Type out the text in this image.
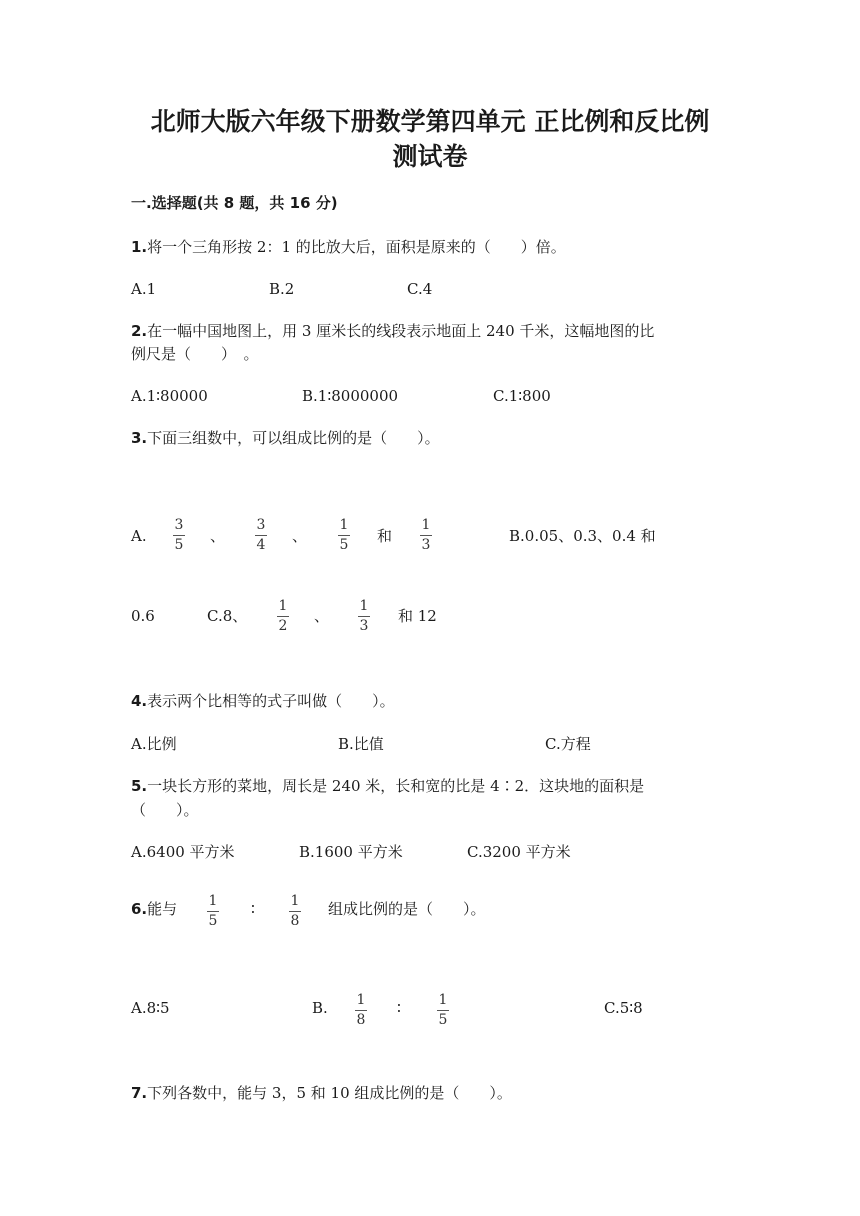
北师大版六年级下册数学第四单元 正比例和反比例
测试卷
一.选择题(共 8 题，共 16 分)
1.将一个三角形按 2：1 的比放大后，面积是原来的（　　）倍。
A.1	B.2	C.4
2.在一幅中国地图上，用 3 厘米长的线段表示地面上 240 千米，这幅地图的比
例尺是（　　）　。
A.1∶80000	B.1∶8000000	C.1∶800
3.下面三组数中，可以组成比例的是（　　）。
A.
3
5 、
3
4 、
1
5 和
1
3	B.0.05、0.3、0.4 和
0.6	C.8、
1
2
、
1
3
和 12
4.表示两个比相等的式子叫做（　　）。
A.比例	B.比值	C.方程
5.一块长方形的菜地，周长是 240 米，长和宽的比是 4∶2．这块地的面积是
（　　）。
A.6400 平方米	B.1600 平方米	C.3200 平方米
6.能与 1
5
∶	1
8
组成比例的是（　　）。
A.8∶5	B. 1
8
∶	1
5
C.5∶8
7.下列各数中，能与 3，5 和 10 组成比例的是（　　）。
